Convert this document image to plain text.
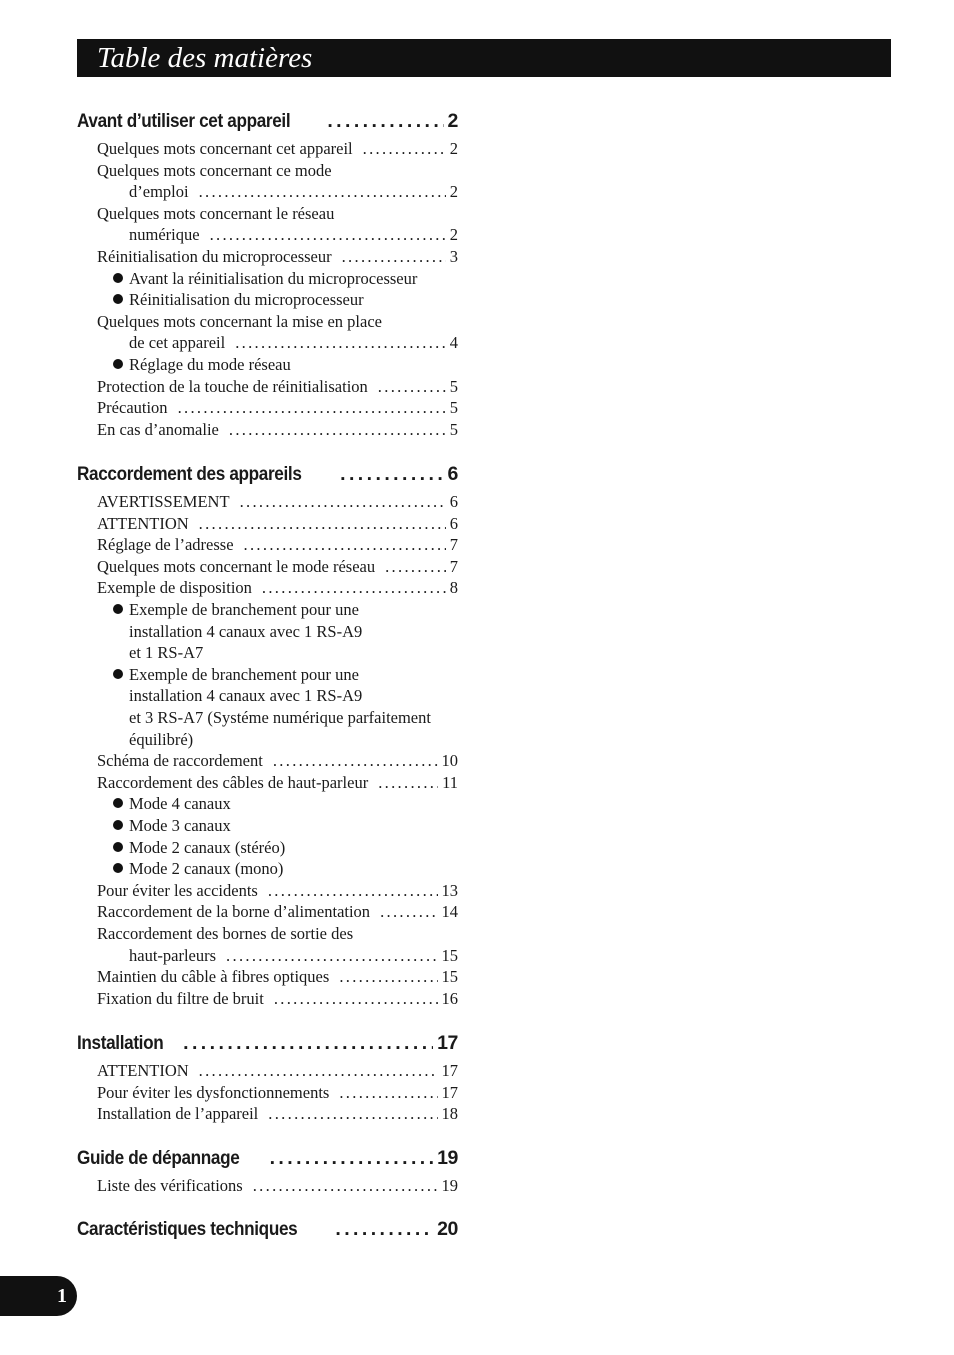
Table des matières
Avant d’utiliser cet appareil . . .	2
Quelques mots concernant cet appareil . . .	2
Quelques mots concernant ce mode
d’emploi . . .	2
Quelques mots concernant le réseau
numérique . . .	2
Réinitialisation du microprocesseur . . .	3
Avant la réinitialisation du microprocesseur
Réinitialisation du microprocesseur
Quelques mots concernant la mise en place
de cet appareil . . .	4
Réglage du mode réseau
Protection de la touche de réinitialisation . . .	5
Précaution . . .	5
En cas d’anomalie . . .	5
Raccordement des appareils . . .	6
AVERTISSEMENT . . .	6
ATTENTION . . .	6
Réglage de l’adresse . . .	7
Quelques mots concernant le mode réseau . . .	7
Exemple de disposition . . .	8
Exemple de branchement pour une
installation 4 canaux avec 1 RS-A9
et 1 RS-A7
Exemple de branchement pour une
installation 4 canaux avec 1 RS-A9
et 3 RS-A7 (Systéme numérique parfaitement
équilibré)
Schéma de raccordement . . .	10
Raccordement des câbles de haut-parleur . . .	11
Mode 4 canaux
Mode 3 canaux
Mode 2 canaux (stéréo)
Mode 2 canaux (mono)
Pour éviter les accidents . . .	13
Raccordement de la borne d’alimentation . . .	14
Raccordement des bornes de sortie des
haut-parleurs . . .	15
Maintien du câble à fibres optiques . . .	15
Fixation du filtre de bruit . . .	16
Installation . . .	17
ATTENTION . . .	17
Pour éviter les dysfonctionnements . . .	17
Installation de l’appareil . . .	18
Guide de dépannage . . .	19
Liste des vérifications . . .	19
Caractéristiques techniques . . .	20
1
